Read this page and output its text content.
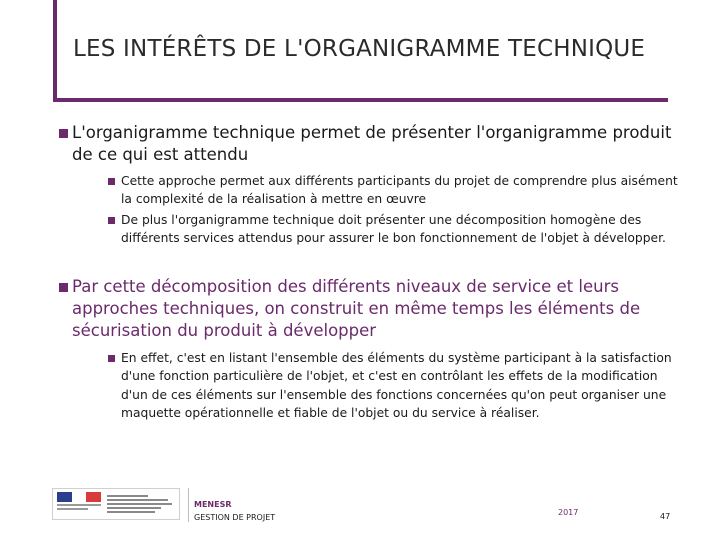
LES INTÉRÊTS DE L'ORGANIGRAMME TECHNIQUE
L'organigramme technique permet de présenter l'organigramme produit de ce qui est attendu
Cette approche permet aux différents participants du projet de comprendre plus aisément la complexité de la réalisation à mettre en œuvre
De plus l'organigramme technique doit présenter une décomposition homogène des différents services attendus pour assurer le bon fonctionnement de l'objet à développer.
Par cette décomposition des différents niveaux de service et leurs approches techniques, on construit en même temps les éléments de sécurisation du produit à développer
En effet, c'est en listant l'ensemble des éléments du système participant à la satisfaction d'une fonction particulière de l'objet, et c'est en contrôlant les effets de la modification d'un de ces éléments sur l'ensemble des fonctions concernées qu'on peut organiser une maquette opérationnelle et fiable de l'objet ou du service à réaliser.
MENESR
GESTION DE PROJET
2017	47
